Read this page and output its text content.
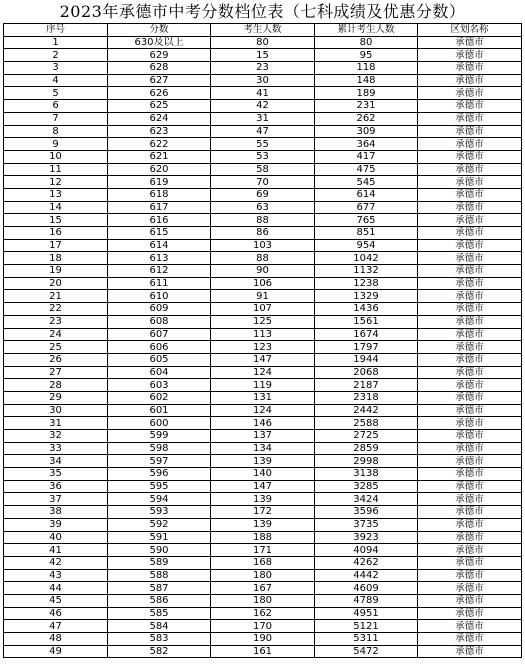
2023年承德市中考分数档位表（七科成绩及优惠分数）
序号	分数	考生人数	累计考生人数	区划名称
1	630及以上	80	80	承德市
2	629	15	95	承德市
3	628	23	118	承德市
4	627	30	148	承德市
5	626	41	189	承德市
6	625	42	231	承德市
7	624	31	262	承德市
8	623	47	309	承德市
9	622	55	364	承德市
10	621	53	417	承德市
11	620	58	475	承德市
12	619	70	545	承德市
13	618	69	614	承德市
14	617	63	677	承德市
15	616	88	765	承德市
16	615	86	851	承德市
17	614	103	954	承德市
18	613	88	1042	承德市
19	612	90	1132	承德市
20	611	106	1238	承德市
21	610	91	1329	承德市
22	609	107	1436	承德市
23	608	125	1561	承德市
24	607	113	1674	承德市
25	606	123	1797	承德市
26	605	147	1944	承德市
27	604	124	2068	承德市
28	603	119	2187	承德市
29	602	131	2318	承德市
30	601	124	2442	承德市
31	600	146	2588	承德市
32	599	137	2725	承德市
33	598	134	2859	承德市
34	597	139	2998	承德市
35	596	140	3138	承德市
36	595	147	3285	承德市
37	594	139	3424	承德市
38	593	172	3596	承德市
39	592	139	3735	承德市
40	591	188	3923	承德市
41	590	171	4094	承德市
42	589	168	4262	承德市
43	588	180	4442	承德市
44	587	167	4609	承德市
45	586	180	4789	承德市
46	585	162	4951	承德市
47	584	170	5121	承德市
48	583	190	5311	承德市
49	582	161	5472	承德市
